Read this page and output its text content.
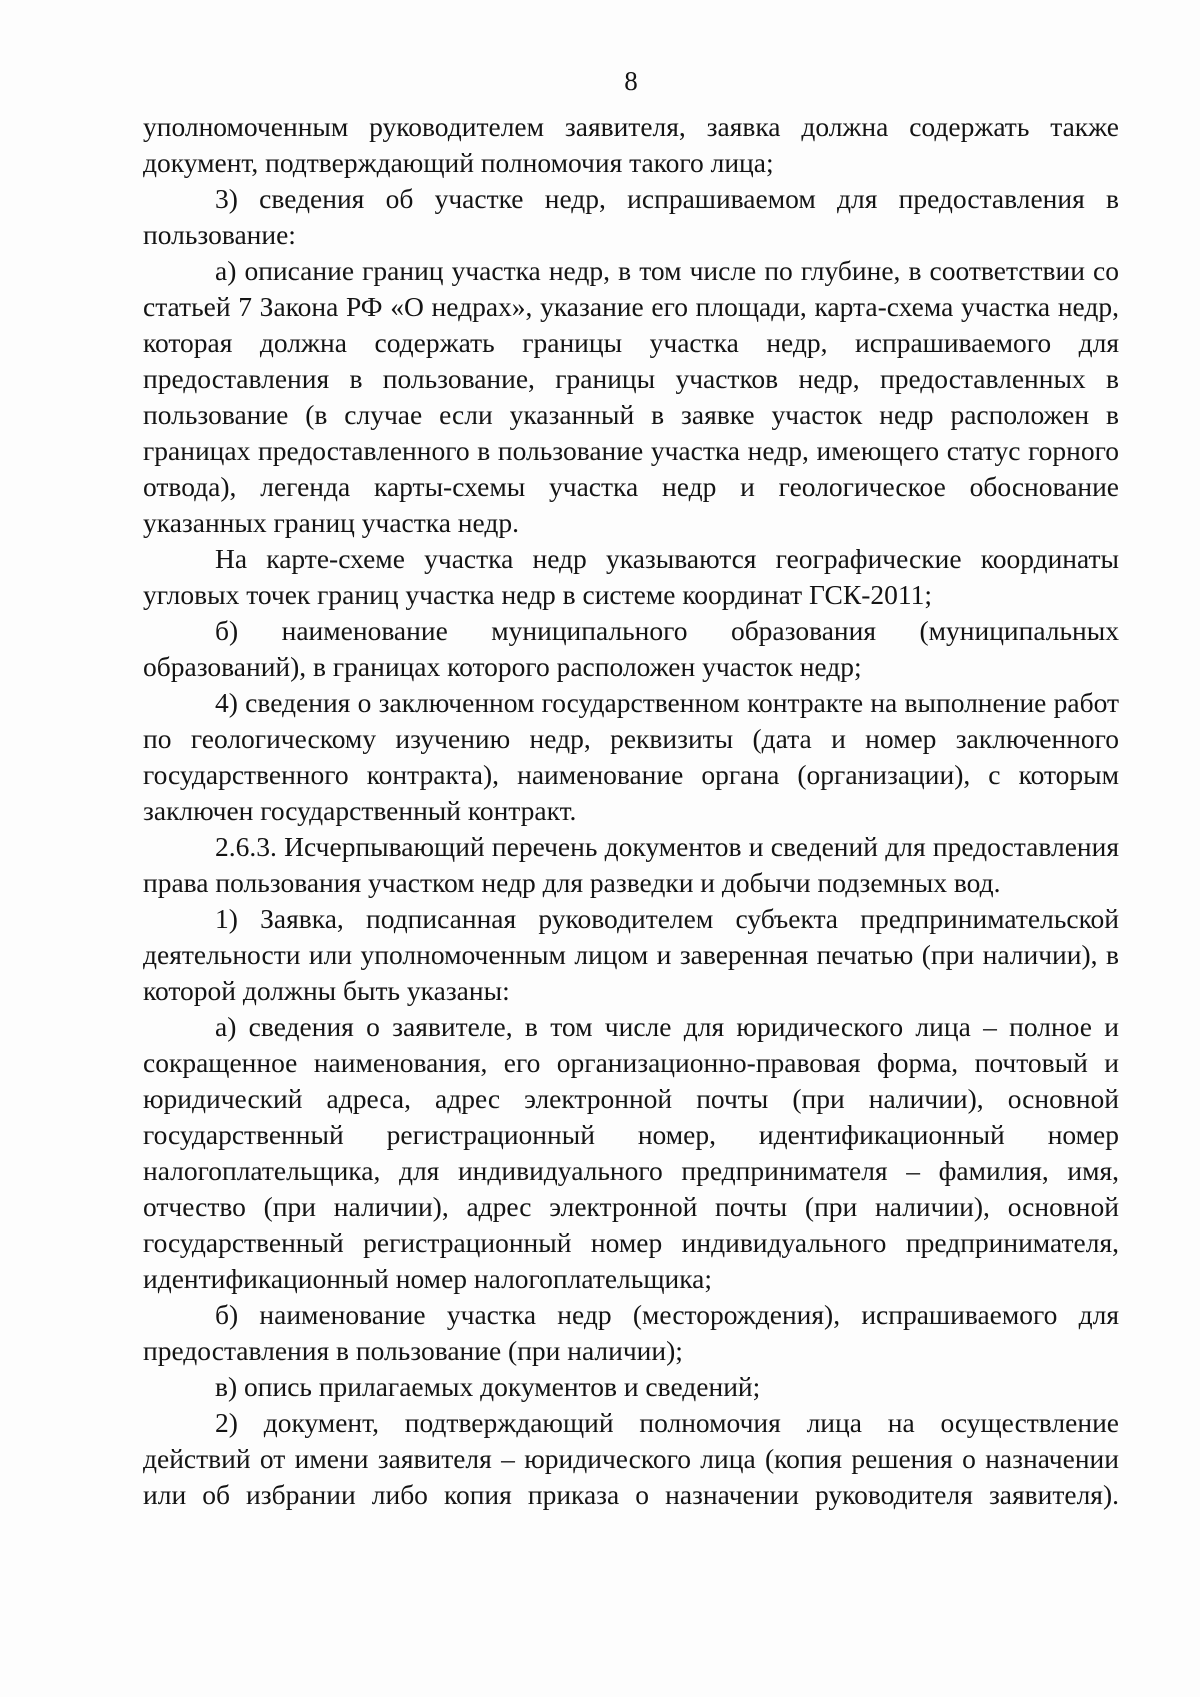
8

уполномоченным руководителем заявителя, заявка должна содержать также документ, подтверждающий полномочия такого лица;

3) сведения об участке недр, испрашиваемом для предоставления в пользование:

а) описание границ участка недр, в том числе по глубине, в соответствии со статьей 7 Закона РФ «О недрах», указание его площади, карта-схема участка недр, которая должна содержать границы участка недр, испрашиваемого для предоставления в пользование, границы участков недр, предоставленных в пользование (в случае если указанный в заявке участок недр расположен в границах предоставленного в пользование участка недр, имеющего статус горного отвода), легенда карты-схемы участка недр и геологическое обоснование указанных границ участка недр.

На карте-схеме участка недр указываются географические координаты угловых точек границ участка недр в системе координат ГСК-2011;

б) наименование муниципального образования (муниципальных образований), в границах которого расположен участок недр;

4) сведения о заключенном государственном контракте на выполнение работ по геологическому изучению недр, реквизиты (дата и номер заключенного государственного контракта), наименование органа (организации), с которым заключен государственный контракт.

2.6.3. Исчерпывающий перечень документов и сведений для предоставления права пользования участком недр для разведки и добычи подземных вод.

1) Заявка, подписанная руководителем субъекта предпринимательской деятельности или уполномоченным лицом и заверенная печатью (при наличии), в которой должны быть указаны:

а) сведения о заявителе, в том числе для юридического лица – полное и сокращенное наименования, его организационно-правовая форма, почтовый и юридический адреса, адрес электронной почты (при наличии), основной государственный регистрационный номер, идентификационный номер налогоплательщика, для индивидуального предпринимателя – фамилия, имя, отчество (при наличии), адрес электронной почты (при наличии), основной государственный регистрационный номер индивидуального предпринимателя, идентификационный номер налогоплательщика;

б) наименование участка недр (месторождения), испрашиваемого для предоставления в пользование (при наличии);

в) опись прилагаемых документов и сведений;

2) документ, подтверждающий полномочия лица на осуществление действий от имени заявителя – юридического лица (копия решения о назначении или об избрании либо копия приказа о назначении руководителя заявителя).
